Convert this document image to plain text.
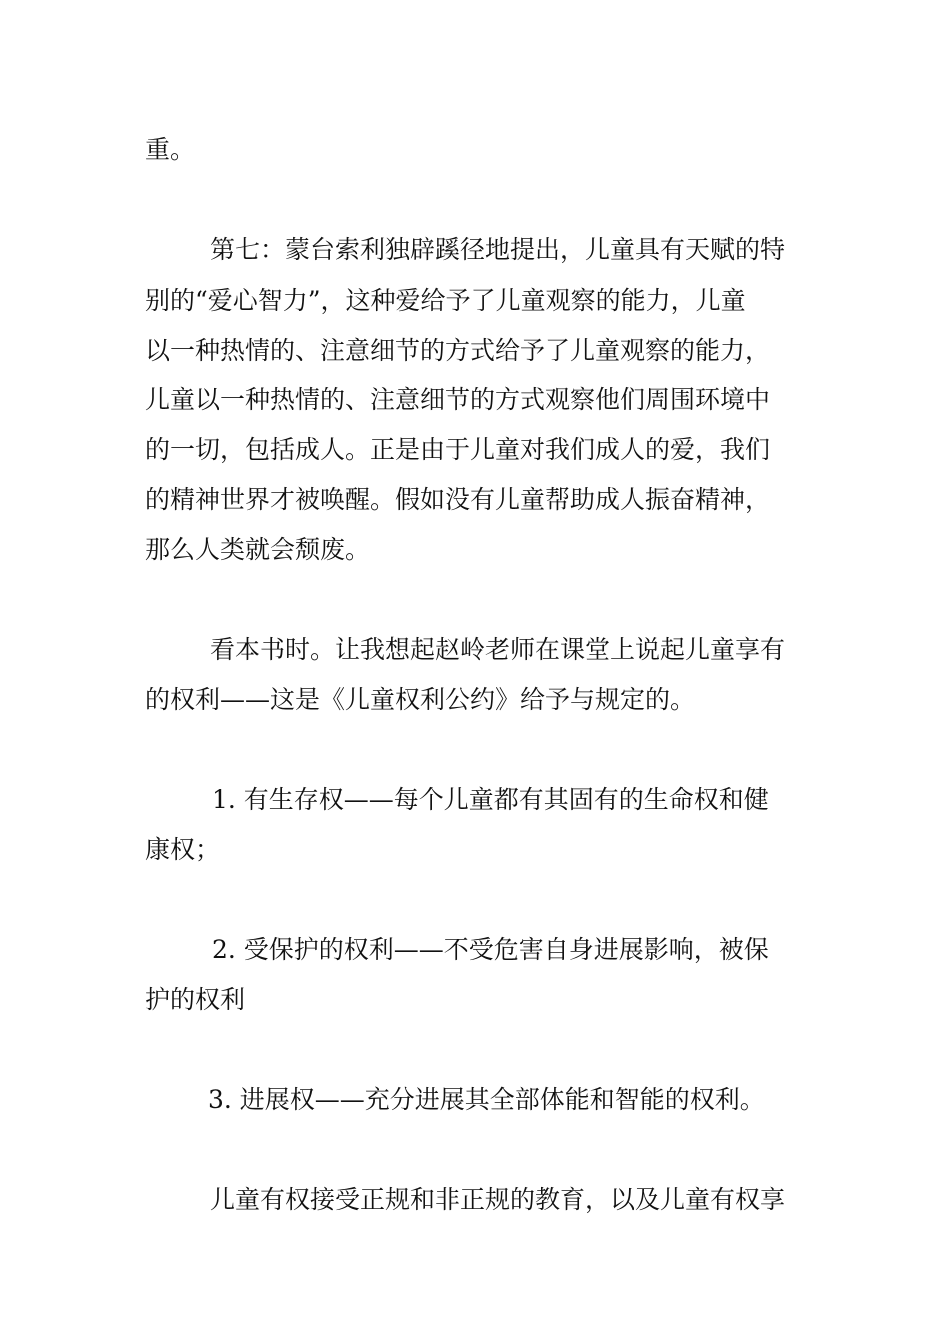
重。
第七：蒙台索利独辟蹊径地提出，儿童具有天赋的特
别的“爱心智力”，这种爱给予了儿童观察的能力，儿童
以一种热情的、注意细节的方式给予了儿童观察的能力，
儿童以一种热情的、注意细节的方式观察他们周围环境中
的一切，包括成人。正是由于儿童对我们成人的爱，我们
的精神世界才被唤醒。假如没有儿童帮助成人振奋精神，
那么人类就会颓废。
看本书时。让我想起赵岭老师在课堂上说起儿童享有
的权利——这是《儿童权利公约》给予与规定的。
1. 有生存权——每个儿童都有其固有的生命权和健
康权；
2. 受保护的权利——不受危害自身进展影响，被保
护的权利
3. 进展权——充分进展其全部体能和智能的权利。
儿童有权接受正规和非正规的教育，以及儿童有权享
